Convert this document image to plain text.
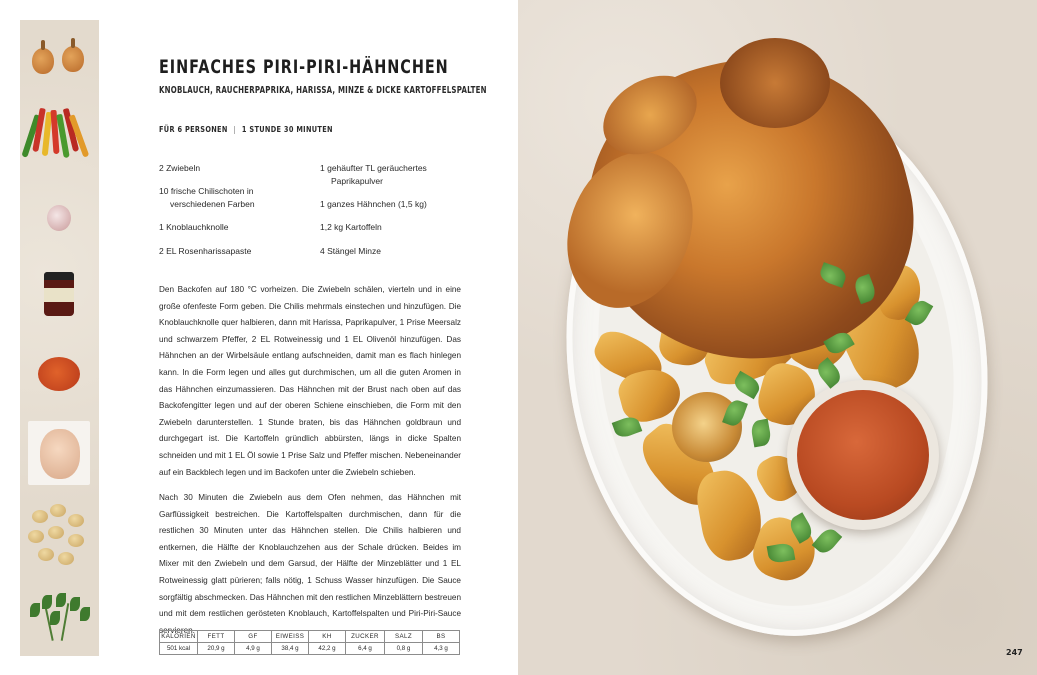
EINFACHES PIRI-PIRI-HÄHNCHEN
KNOBLAUCH, RÄUCHERPAPRIKA, HARISSA, MINZE & DICKE KARTOFFELSPALTEN
FÜR 6 PERSONEN | 1 STUNDE 30 MINUTEN
2 Zwiebeln
10 frische Chilischoten in
verschiedenen Farben
1 Knoblauchknolle
2 EL Rosenharissapaste
1 gehäufter TL geräuchertes
Paprikapulver
1 ganzes Hähnchen (1,5 kg)
1,2 kg Kartoffeln
4 Stängel Minze

Den Backofen auf 180 °C vorheizen. Die Zwiebeln schälen, vierteln und in eine große ofenfeste Form geben. Die Chilis mehrmals einstechen und hinzufügen. Die Knoblauchknolle quer halbieren, dann mit Harissa, Paprikapulver, 1 Prise Meersalz und schwarzem Pfeffer, 2 EL Rotweinessig und 1 EL Olivenöl hinzufügen. Das Hähnchen an der Wirbelsäule entlang aufschneiden, damit man es flach hinlegen kann. In die Form legen und alles gut durchmischen, um all die guten Aromen in das Hähnchen einzumassieren. Das Hähnchen mit der Brust nach oben auf das Backofengitter legen und auf der oberen Schiene einschieben, die Form mit den Zwiebeln darunterstellen. 1 Stunde braten, bis das Hähnchen goldbraun und durchgegart ist. Die Kartoffeln gründlich abbürsten, längs in dicke Spalten schneiden und mit 1 EL Öl sowie 1 Prise Salz und Pfeffer mischen. Nebeneinander auf ein Backblech legen und im Backofen unter die Zwiebeln schieben.

Nach 30 Minuten die Zwiebeln aus dem Ofen nehmen, das Hähnchen mit Garflüssigkeit bestreichen. Die Kartoffelspalten durchmischen, dann für die restlichen 30 Minuten unter das Hähnchen stellen. Die Chilis halbieren und entkernen, die Hälfte der Knoblauchzehen aus der Schale drücken. Beides im Mixer mit den Zwiebeln und dem Garsud, der Hälfte der Minzeblätter und 1 EL Rotweinessig glatt pürieren; falls nötig, 1 Schuss Wasser hinzufügen. Die Sauce sorgfältig abschmecken. Das Hähnchen mit den restlichen Minzeblättern bestreuen und mit dem restlichen gerösteten Knoblauch, Kartoffelspalten und Piri-Piri-Sauce servieren.

KALORIEN	FETT	GF	EIWEISS	KH	ZUCKER	SALZ	BS
501 kcal	20,9 g	4,9 g	38,4 g	42,2 g	6,4 g	0,8 g	4,3 g	247
